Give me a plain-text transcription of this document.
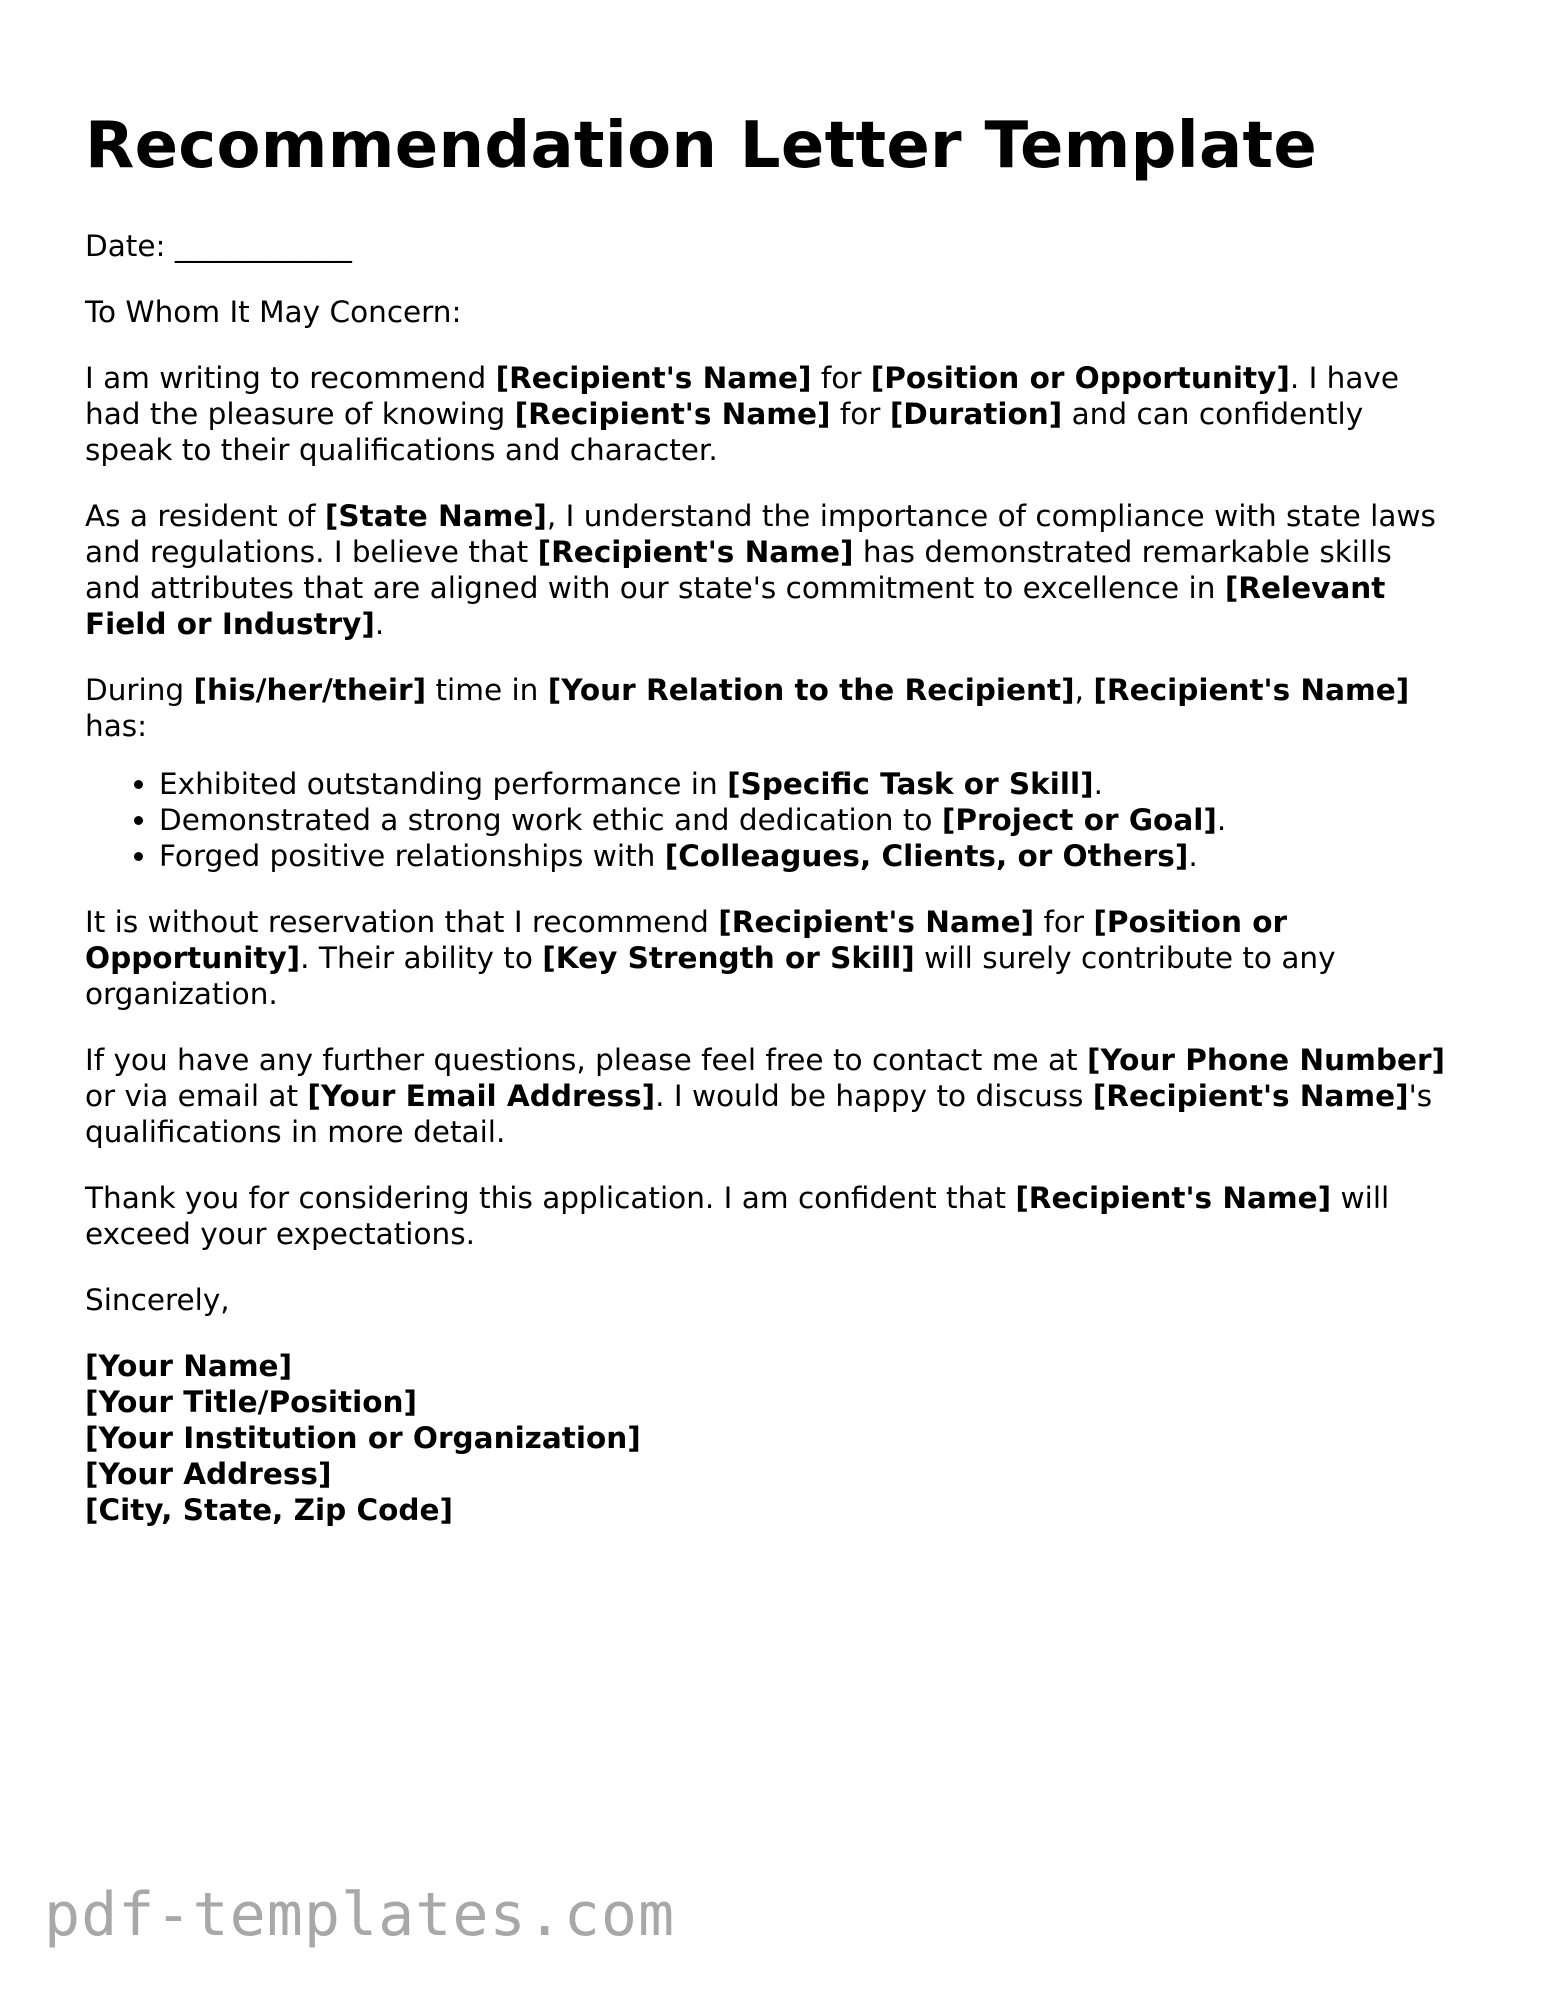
Recommendation Letter Template

Date: ____________

To Whom It May Concern:

I am writing to recommend [Recipient's Name] for [Position or Opportunity]. I have had the pleasure of knowing [Recipient's Name] for [Duration] and can confidently speak to their qualifications and character.

As a resident of [State Name], I understand the importance of compliance with state laws and regulations. I believe that [Recipient's Name] has demonstrated remarkable skills and attributes that are aligned with our state's commitment to excellence in [Relevant Field or Industry].

During [his/her/their] time in [Your Relation to the Recipient], [Recipient's Name] has:

• Exhibited outstanding performance in [Specific Task or Skill].
• Demonstrated a strong work ethic and dedication to [Project or Goal].
• Forged positive relationships with [Colleagues, Clients, or Others].

It is without reservation that I recommend [Recipient's Name] for [Position or Opportunity]. Their ability to [Key Strength or Skill] will surely contribute to any organization.

If you have any further questions, please feel free to contact me at [Your Phone Number] or via email at [Your Email Address]. I would be happy to discuss [Recipient's Name]'s qualifications in more detail.

Thank you for considering this application. I am confident that [Recipient's Name] will exceed your expectations.

Sincerely,

[Your Name]
[Your Title/Position]
[Your Institution or Organization]
[Your Address]
[City, State, Zip Code]
pdf-templates.com
